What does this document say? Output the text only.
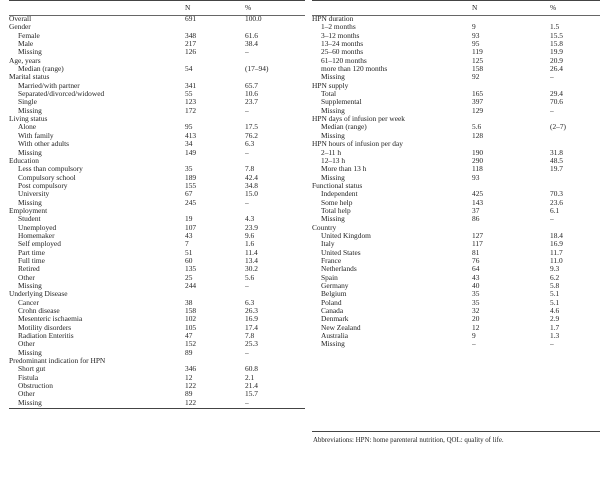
	N	%
Overall	691	100.0
Gender		
Female	348	61.6
Male	217	38.4
Missing	126	–
Age, years		
Median (range)	54	(17–94)
Marital status		
Married/with partner	341	65.7
Separated/divorced/widowed	55	10.6
Single	123	23.7
Missing	172	–
Living status		
Alone	95	17.5
With family	413	76.2
With other adults	34	6.3
Missing	149	–
Education		
Less than compulsory	35	7.8
Compulsory school	189	42.4
Post compulsory	155	34.8
University	67	15.0
Missing	245	–
Employment		
Student	19	4.3
Unemployed	107	23.9
Homemaker	43	9.6
Self employed	7	1.6
Part time	51	11.4
Full time	60	13.4
Retired	135	30.2
Other	25	5.6
Missing	244	–
Underlying Disease		
Cancer	38	6.3
Crohn disease	158	26.3
Mesenteric ischaemia	102	16.9
Motility disorders	105	17.4
Radiation Enteritis	47	7.8
Other	152	25.3
Missing	89	–
Predominant indication for HPN		
Short gut	346	60.8
Fistula	12	2.1
Obstruction	122	21.4
Other	89	15.7
Missing	122	–
	N	%
HPN duration		
1–2 months	9	1.5
3–12 months	93	15.5
13–24 months	95	15.8
25–60 months	119	19.9
61–120 months	125	20.9
more than 120 months	158	26.4
Missing	92	–
HPN supply		
Total	165	29.4
Supplemental	397	70.6
Missing	129	–
HPN days of infusion per week		
Median (range)	5.6	(2–7)
Missing	128	
HPN hours of infusion per day		
2–11 h	190	31.8
12–13 h	290	48.5
More than 13 h	118	19.7
Missing	93	
Functional status		
Independent	425	70.3
Some help	143	23.6
Total help	37	6.1
Missing	86	–
Country		
United Kingdom	127	18.4
Italy	117	16.9
United States	81	11.7
France	76	11.0
Netherlands	64	9.3
Spain	43	6.2
Germany	40	5.8
Belgium	35	5.1
Poland	35	5.1
Canada	32	4.6
Denmark	20	2.9
New Zealand	12	1.7
Australia	9	1.3
Missing	–	–
Abbreviations: HPN: home parenteral nutrition, QOL: quality of life.
